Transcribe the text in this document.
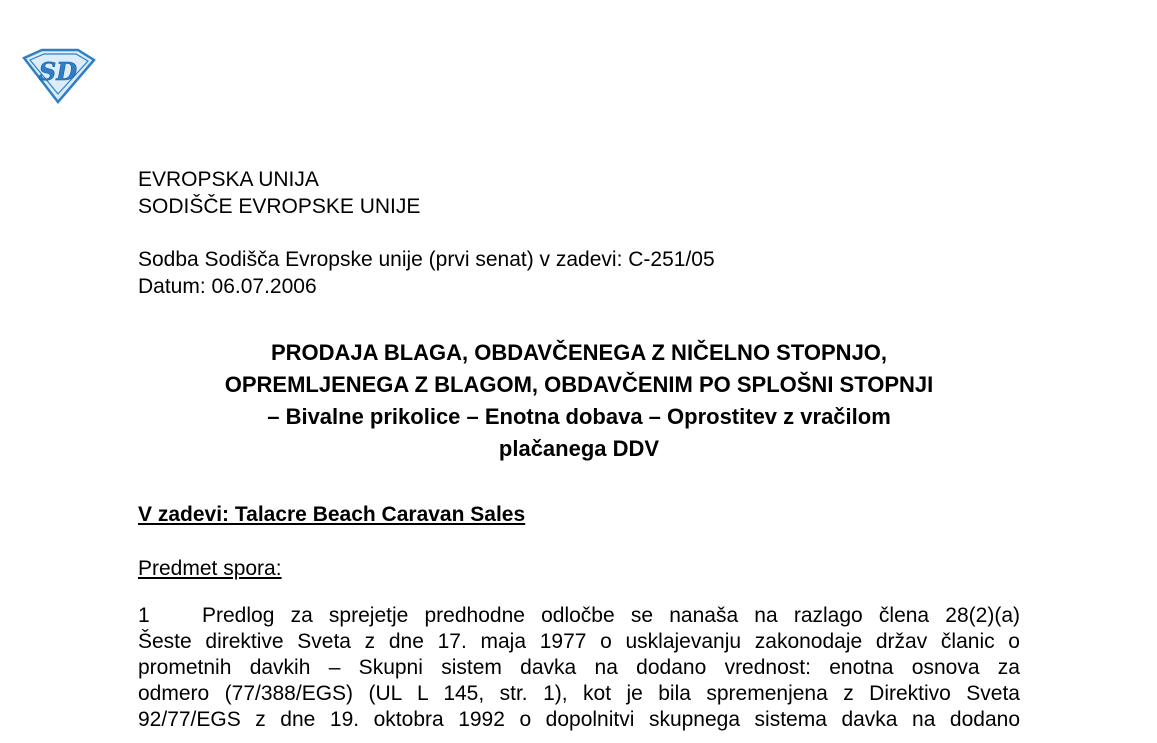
SD
EVROPSKA UNIJA
SODIŠČE EVROPSKE UNIJE
Sodba Sodišča Evropske unije (prvi senat) v zadevi: C-251/05
Datum: 06.07.2006
PRODAJA BLAGA, OBDAVČENEGA Z NIČELNO STOPNJO,
OPREMLJENEGA Z BLAGOM, OBDAVČENIM PO SPLOŠNI STOPNJI
– Bivalne prikolice – Enotna dobava – Oprostitev z vračilom
plačanega DDV
V zadevi: Talacre Beach Caravan Sales
Predmet spora:
1 Predlog za sprejetje predhodne odločbe se nanaša na razlago člena 28(2)(a)
Šeste direktive Sveta z dne 17. maja 1977 o usklajevanju zakonodaje držav članic o
prometnih davkih – Skupni sistem davka na dodano vrednost: enotna osnova za
odmero (77/388/EGS) (UL L 145, str. 1), kot je bila spremenjena z Direktivo Sveta
92/77/EGS z dne 19. oktobra 1992 o dopolnitvi skupnega sistema davka na dodano
